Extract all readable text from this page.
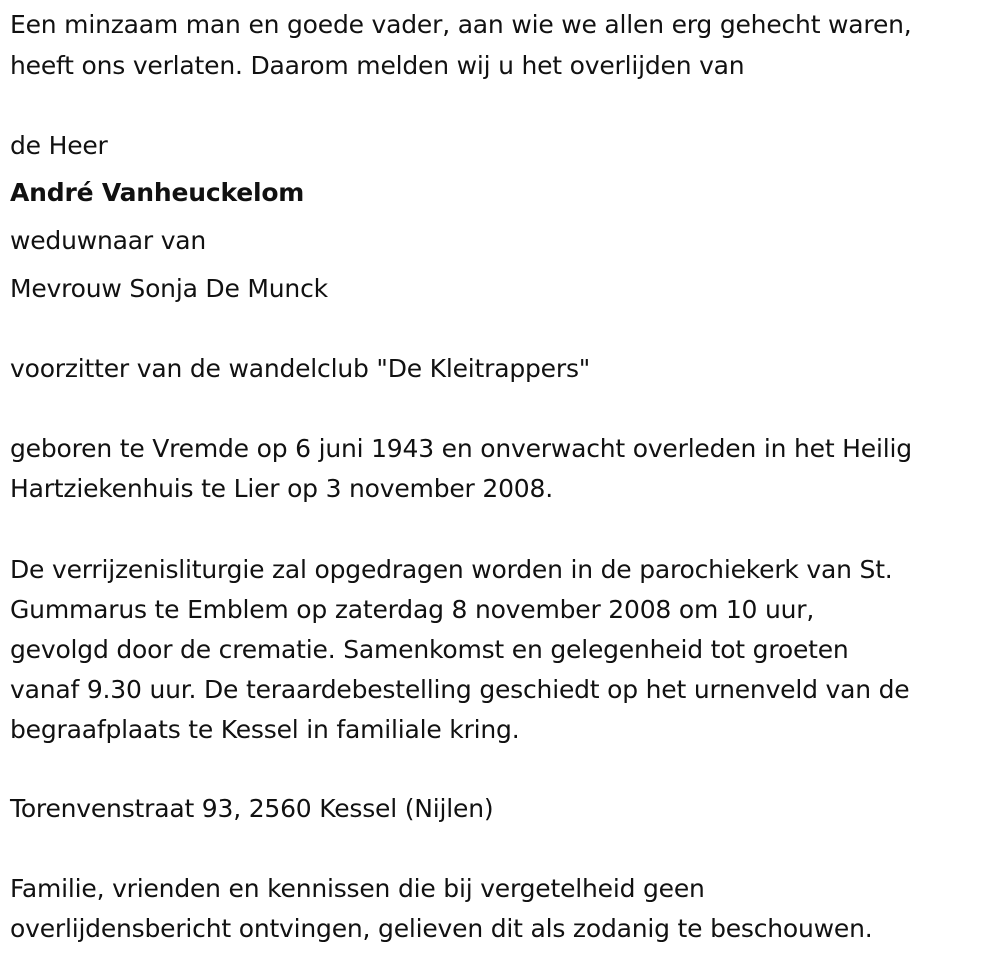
Een minzaam man en goede vader, aan wie we allen erg gehecht waren,
heeft ons verlaten. Daarom melden wij u het overlijden van
de Heer
André Vanheuckelom
weduwnaar van
Mevrouw Sonja De Munck
voorzitter van de wandelclub "De Kleitrappers"
geboren te Vremde op 6 juni 1943 en onverwacht overleden in het Heilig
Hartziekenhuis te Lier op 3 november 2008.
De verrijzenisliturgie zal opgedragen worden in de parochiekerk van St.
Gummarus te Emblem op zaterdag 8 november 2008 om 10 uur,
gevolgd door de crematie. Samenkomst en gelegenheid tot groeten
vanaf 9.30 uur. De teraardebestelling geschiedt op het urnenveld van de
begraafplaats te Kessel in familiale kring.
Torenvenstraat 93, 2560 Kessel (Nijlen)
Familie, vrienden en kennissen die bij vergetelheid geen
overlijdensbericht ontvingen, gelieven dit als zodanig te beschouwen.
